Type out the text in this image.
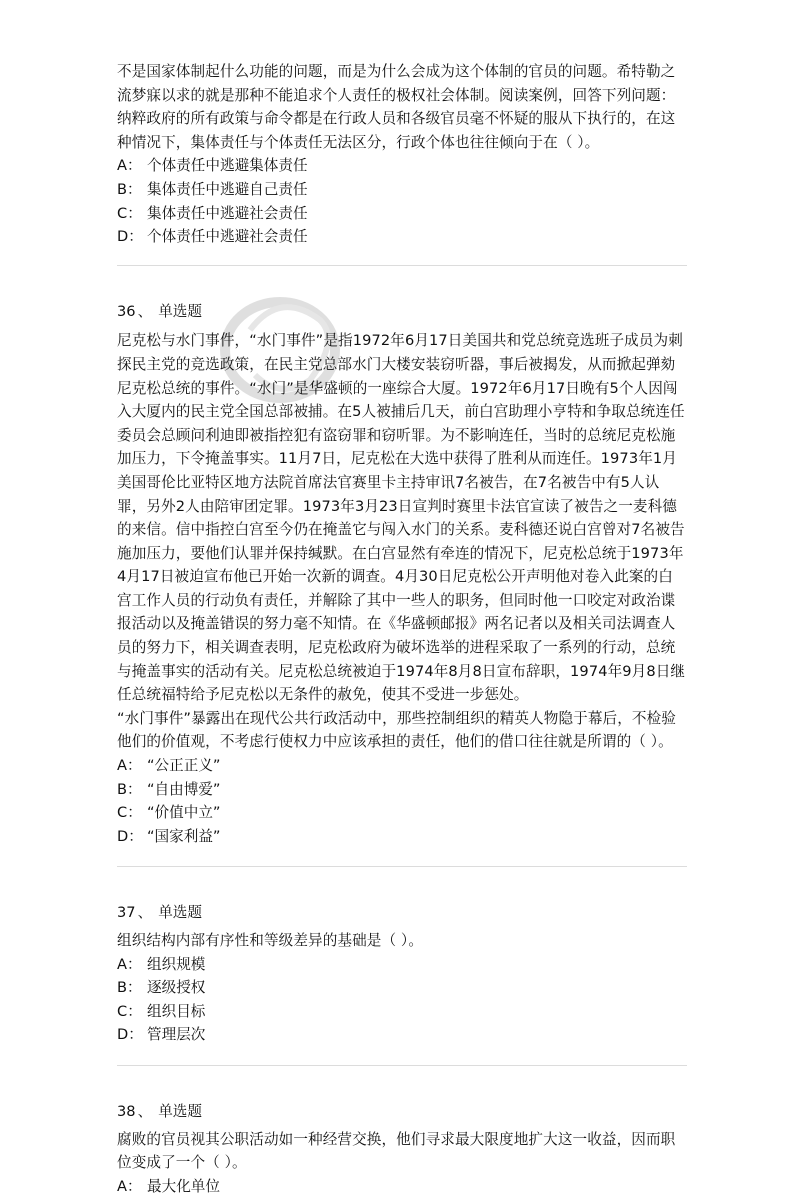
不是国家体制起什么功能的问题，而是为什么会成为这个体制的官员的问题。希特勒之流梦寐以求的就是那种不能追求个人责任的极权社会体制。阅读案例，回答下列问题：纳粹政府的所有政策与命令都是在行政人员和各级官员毫不怀疑的服从下执行的，在这种情况下，集体责任与个体责任无法区分，行政个体也往往倾向于在（ ）。

A： 个体责任中逃避集体责任

B： 集体责任中逃避自己责任

C： 集体责任中逃避社会责任

D： 个体责任中逃避社会责任

36 、 单选题

尼克松与水门事件，“水门事件”是指1972年6月17日美国共和党总统竞选班子成员为刺探民主党的竞选政策，在民主党总部水门大楼安装窃听器，事后被揭发，从而掀起弹劾尼克松总统的事件。“水门”是华盛顿的一座综合大厦。1972年6月17日晚有5个人因闯入大厦内的民主党全国总部被捕。在5人被捕后几天，前白宫助理小亨特和争取总统连任委员会总顾问利迪即被指控犯有盗窃罪和窃听罪。为不影响连任，当时的总统尼克松施加压力，下令掩盖事实。11月7日，尼克松在大选中获得了胜利从而连任。1973年1月美国哥伦比亚特区地方法院首席法官赛里卡主持审讯7名被告，在7名被告中有5人认罪，另外2人由陪审团定罪。1973年3月23日宣判时赛里卡法官宣读了被告之一麦科德的来信。信中指控白宫至今仍在掩盖它与闯入水门的关系。麦科德还说白宫曾对7名被告施加压力，要他们认罪并保持缄默。在白宫显然有牵连的情况下，尼克松总统于1973年4月17日被迫宣布他已开始一次新的调查。4月30日尼克松公开声明他对卷入此案的白宫工作人员的行动负有责任，并解除了其中一些人的职务，但同时他一口咬定对政治谍报活动以及掩盖错误的努力毫不知情。在《华盛顿邮报》两名记者以及相关司法调查人员的努力下，相关调查表明，尼克松政府为破坏选举的进程采取了一系列的行动，总统与掩盖事实的活动有关。尼克松总统被迫于1974年8月8日宣布辞职，1974年9月8日继任总统福特给予尼克松以无条件的赦免，使其不受进一步惩处。

“水门事件”暴露出在现代公共行政活动中，那些控制组织的精英人物隐于幕后，不检验他们的价值观，不考虑行使权力中应该承担的责任，他们的借口往往就是所谓的（ ）。

A： “公正正义”

B： “自由博爱”

C： “价值中立”

D： “国家利益”

37 、 单选题

组织结构内部有序性和等级差异的基础是（ ）。

A： 组织规模

B： 逐级授权

C： 组织目标

D： 管理层次

38 、 单选题

腐败的官员视其公职活动如一种经营交换，他们寻求最大限度地扩大这一收益，因而职位变成了一个（ ）。

A： 最大化单位
